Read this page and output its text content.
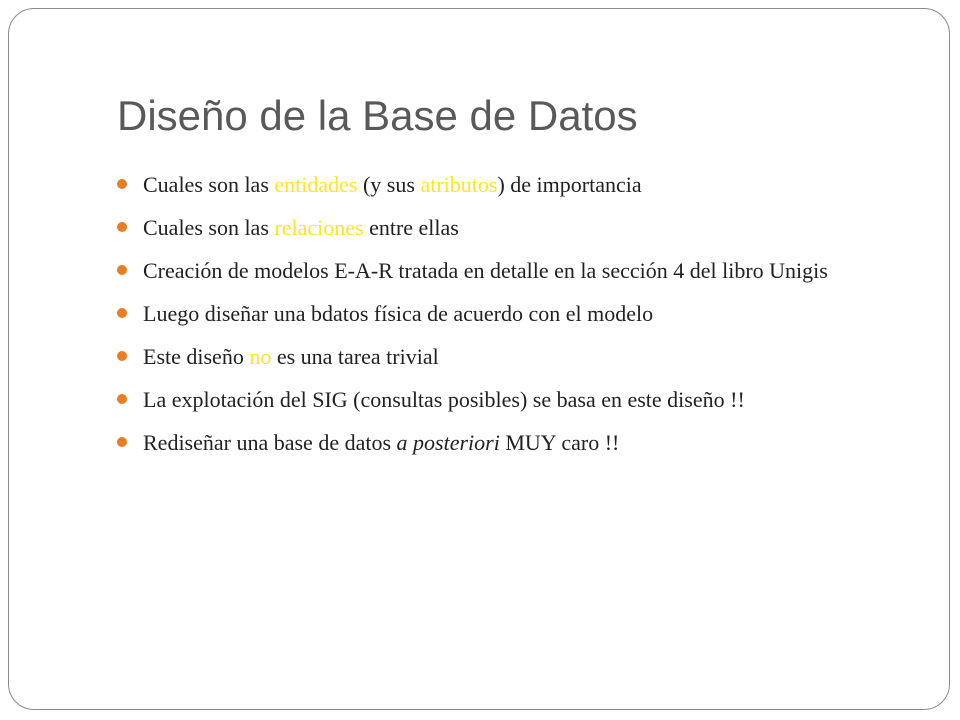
Diseño de la Base de Datos
Cuales son las entidades (y sus atributos) de importancia
Cuales son las relaciones entre ellas
Creación de modelos E-A-R tratada en detalle en la sección 4 del libro Unigis
Luego diseñar una bdatos física de acuerdo con el modelo
Este diseño no es una tarea trivial
La explotación del SIG (consultas posibles) se basa en este diseño !!
Rediseñar una base de datos a posteriori MUY caro !!
